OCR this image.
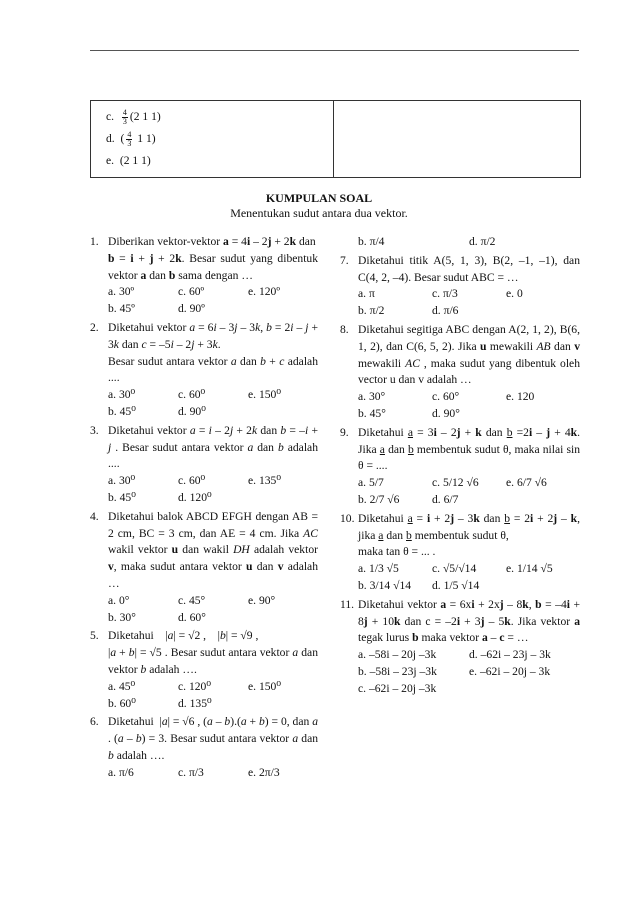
c. $\frac{4}{3} (2$ 1 1)
d.  ( $\frac{4}{3} 1$ 1)
e.  (2 1 1)
KUMPULAN SOAL
Menentukan sudut antara dua vektor.
1. Diberikan vektor-vektor a = 4i – 2j + 2k dan
b = i + j + 2k. Besar sudut yang dibentuk vektor a dan b sama dengan …
a. 30º	c. 60º	e. 120º
b. 45º	d. 90º
2. Diketahui vektor a = 6i – 3j – 3k, b = 2i – j + 3k dan c = –5i – 2j + 3k.
Besar sudut antara vektor a dan b + c adalah ....
a. 30⁰	c. 60⁰	e. 150⁰
b. 45⁰	d. 90⁰
3. Diketahui vektor a = i – 2j + 2k dan b = –i + j . Besar sudut antara vektor a dan b adalah ....
a. 30⁰	c. 60⁰	e. 135⁰
b. 45⁰	d. 120⁰
4. Diketahui balok ABCD EFGH dengan AB = 2 cm, BC = 3 cm, dan AE = 4 cm. Jika AC wakil vektor u dan wakil DH adalah vektor v, maka sudut antara vektor u dan v adalah …
a. 0°	c. 45°	e. 90°
b. 30°	d. 60°
5. Diketahui    |a| = √2 ,    |b| = √9 ,
|a + b| = √5 . Besar sudut antara vektor a dan vektor b adalah ….
a. 45⁰	c. 120⁰	e. 150⁰
b. 60⁰	d. 135⁰
6. Diketahui  |a| = √6 , (a – b).(a + b) = 0, dan a . (a – b) = 3. Besar sudut antara vektor a dan b adalah ….
a. π/6	c. π/3	e. 2π/3
b. π/4	d. π/2
7. Diketahui titik A(5, 1, 3), B(2, –1, –1), dan C(4, 2, –4). Besar sudut ABC = …
a. π	c. π/3	e. 0
b. π/2	d. π/6
8. Diketahui segitiga ABC dengan A(2, 1, 2), B(6, 1, 2), dan C(6, 5, 2). Jika u mewakili AB dan v mewakili AC , maka sudut yang dibentuk oleh vector u dan v adalah …
a. 30°	c. 60°	e. 120
b. 45°	d. 90°
9. Diketahui a = 3i – 2j + k dan b =2i – j + 4k. Jika a dan b membentuk sudut θ, maka nilai sin θ = ....
a. 5/7	c. 5/12 √6	e. 6/7 √6
b. 2/7 √6	d. 6/7
10. Diketahui a = i + 2j – 3k dan b = 2i + 2j – k, jika a dan b membentuk sudut θ,
maka tan θ = ... .
a. 1/3 √5	c. √5/√14	e. 1/14 √5
b. 3/14 √14	d. 1/5 √14
11. Diketahui vektor a = 6xi + 2xj – 8k, b = –4i + 8j + 10k dan c = –2i + 3j – 5k. Jika vektor a tegak lurus b maka vektor a – c = …
a. –58i – 20j –3k	d. –62i – 23j – 3k
b. –58i – 23j –3k	e. –62i – 20j – 3k
c. –62i – 20j –3k
